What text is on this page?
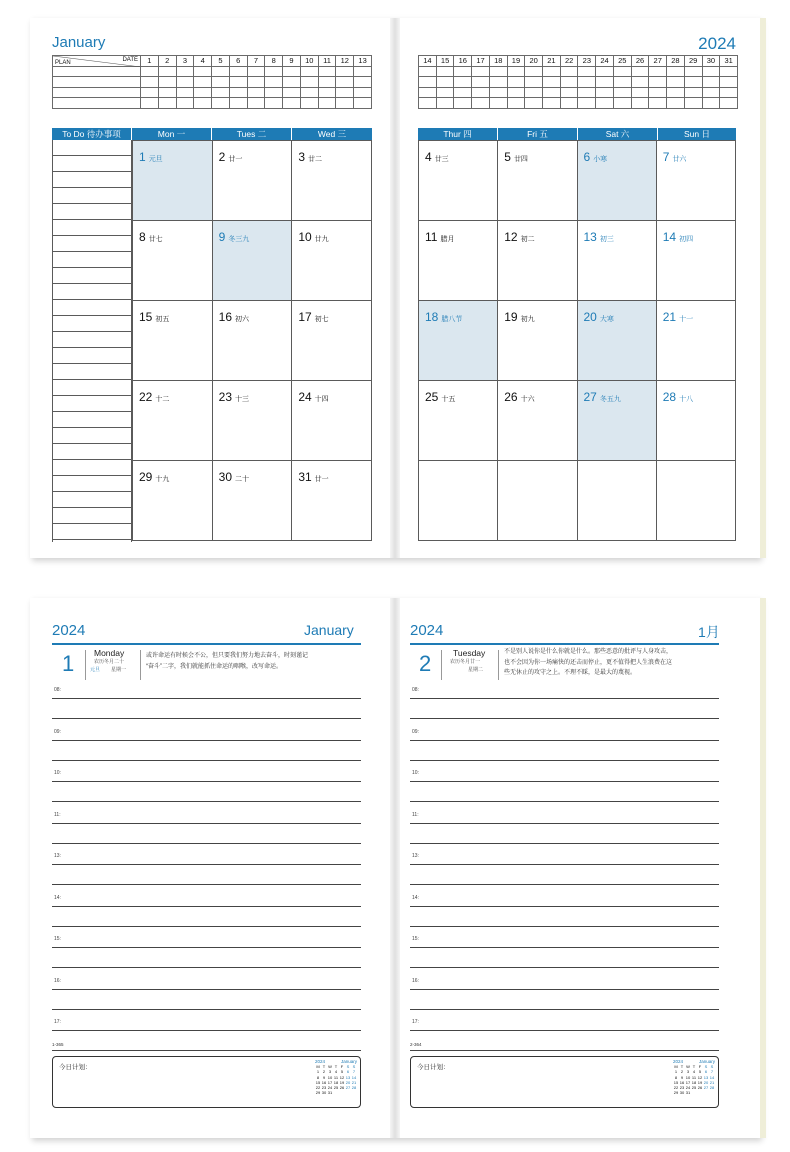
January	2024
DATE
PLAN	1	2	3	4	5	6	7	8	9	10	11	12	13

														14	15	16	17	18	19	20	21	22	23	24	25	26	27	28	29	30	31

To Do 待办事项	Mon 一	Tues 二	Wed 三	Thur 四	Fri 五	Sat 六	Sun 日
1 元旦	2 廿一	3 廿二
8 廿七	9 冬三九	10 廿九
15 初五	16 初六	17 初七
22 十二	23 十三	24 十四
29 十九	30 二十	31 廿一
4 廿三	5 廿四	6 小寒	7 廿六
11 腊月	12 初二	13 初三	14 初四
18 腊八节	19 初九	20 大寒	21 十一
25 十五	26 十六	27 冬五九	28 十八

2024	January
1 Monday
农历冬月二十
元旦 星期一
或许命运有时候会不公，但只要我们努力地去奋斗，时刻谨记
“奋斗”二字，我们就能抓住命运的咽喉，改写命运。
08:
09:
10:
11:
13:
14:
15:
16:
17:
1-365
今日计划：
2024	January
M	T	W	T	F	S	S
1	2	3	4	5	6	7
8	9	10	11	12	13	14
15	16	17	18	19	20	21
22	23	24	25	26	27	28
29	30	31				
2024	1月
2	Tuesday
农历冬月廿一
星期二
不是别人说你是什么你就是什么。那些恶意的批评与人身攻击，
也不会因为你一场痛快的还击而停止，更不值得把人生浪费在这
些无休止的攻守之上。不理不睬，是最大的蔑视。
08:
09:
10:
11:
13:
14:
15:
16:
17:
2-364
今日计划：
2024	January
M	T	W	T	F	S	S
1	2	3	4	5	6	7
8	9	10	11	12	13	14
15	16	17	18	19	20	21
22	23	24	25	26	27	28
29	30	31				
